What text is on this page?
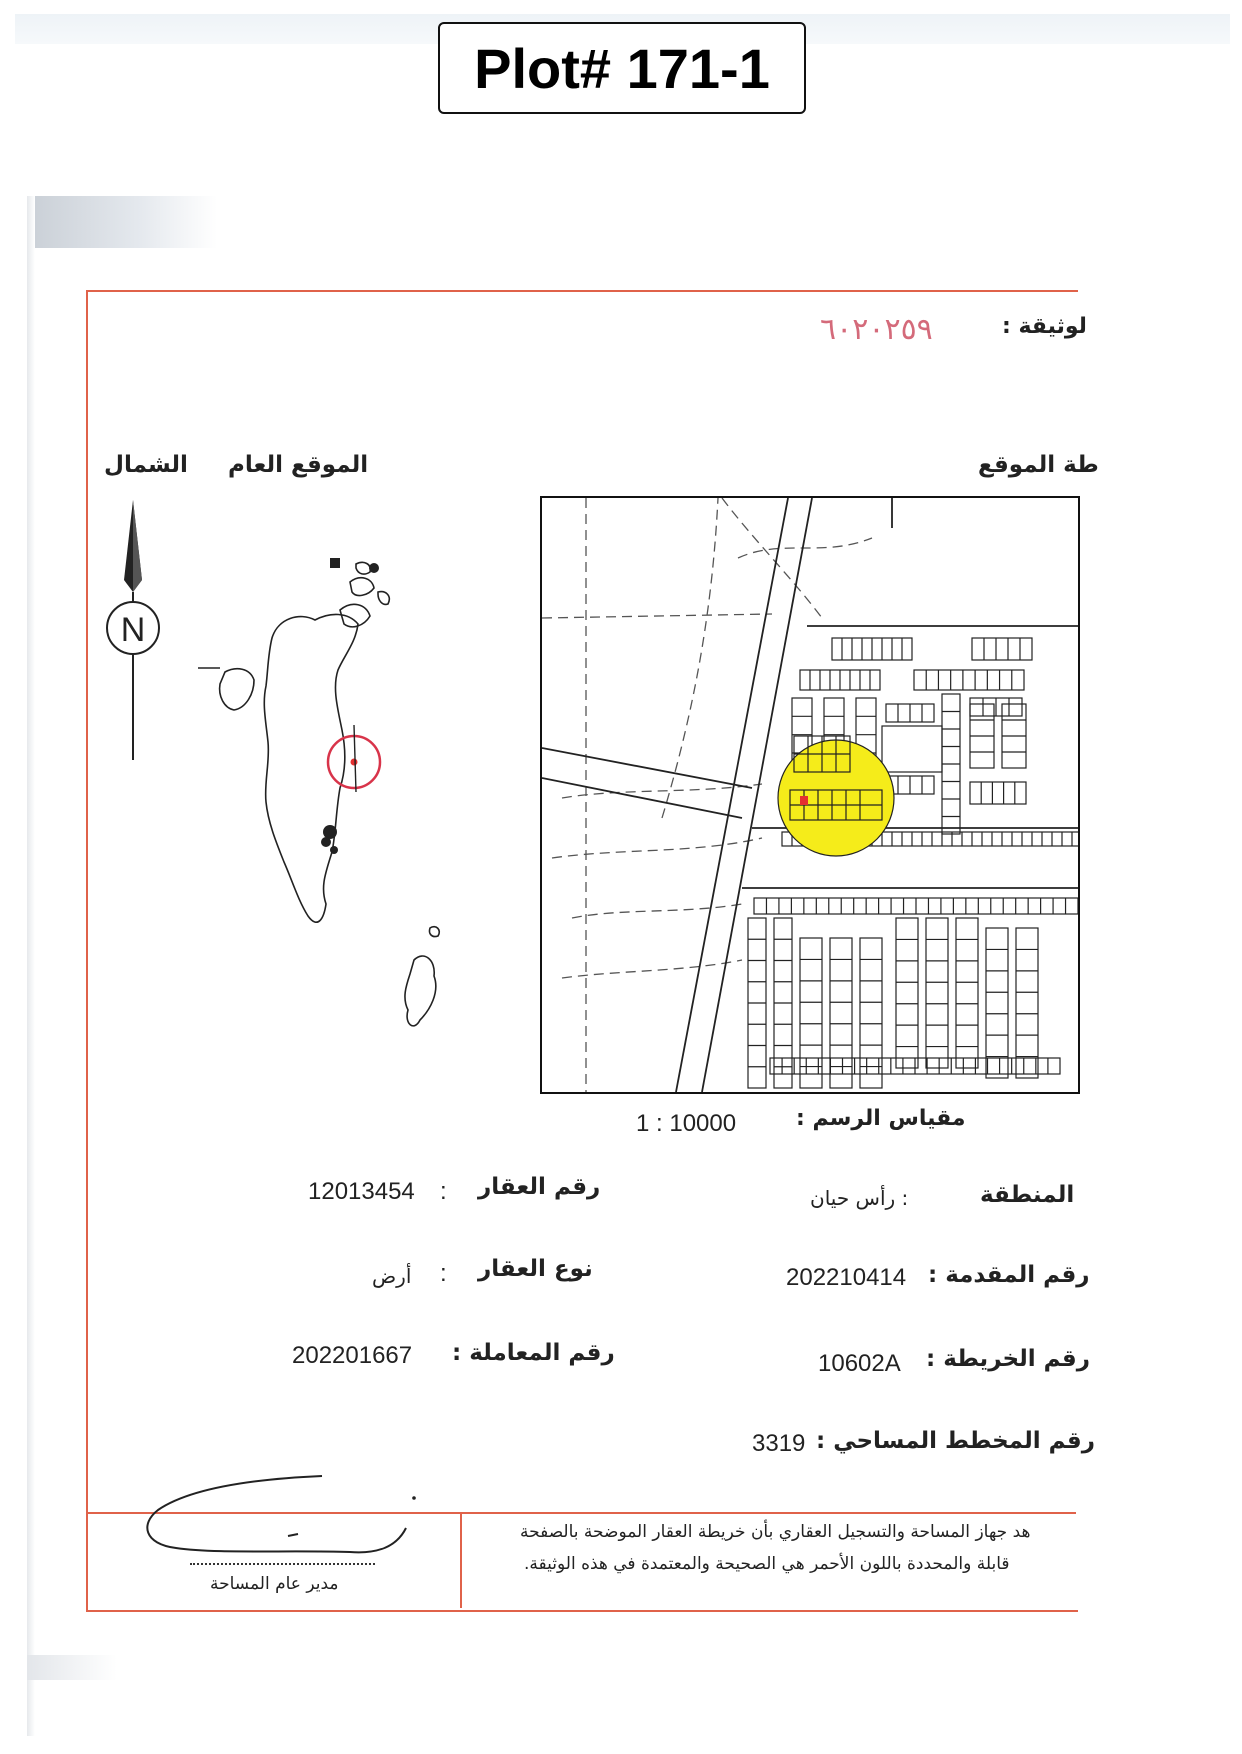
Plot# 171-1
لوثيقة :
٦٠٢٠٢٥٩
طة الموقع
الموقع العام
الشمال
N
مقياس الرسم :
1 : 10000
المنطقة
: رأس حيان
رقم المقدمة :
202210414
رقم الخريطة :
10602A
رقم المخطط المساحي :
3319
رقم العقار
:
12013454
نوع العقار
:
أرض
رقم المعاملة :
202201667
هد جهاز المساحة والتسجيل العقاري بأن خريطة العقار الموضحة بالصفحة
قابلة والمحددة باللون الأحمر هي الصحيحة والمعتمدة في هذه الوثيقة.
مدير عام المساحة
